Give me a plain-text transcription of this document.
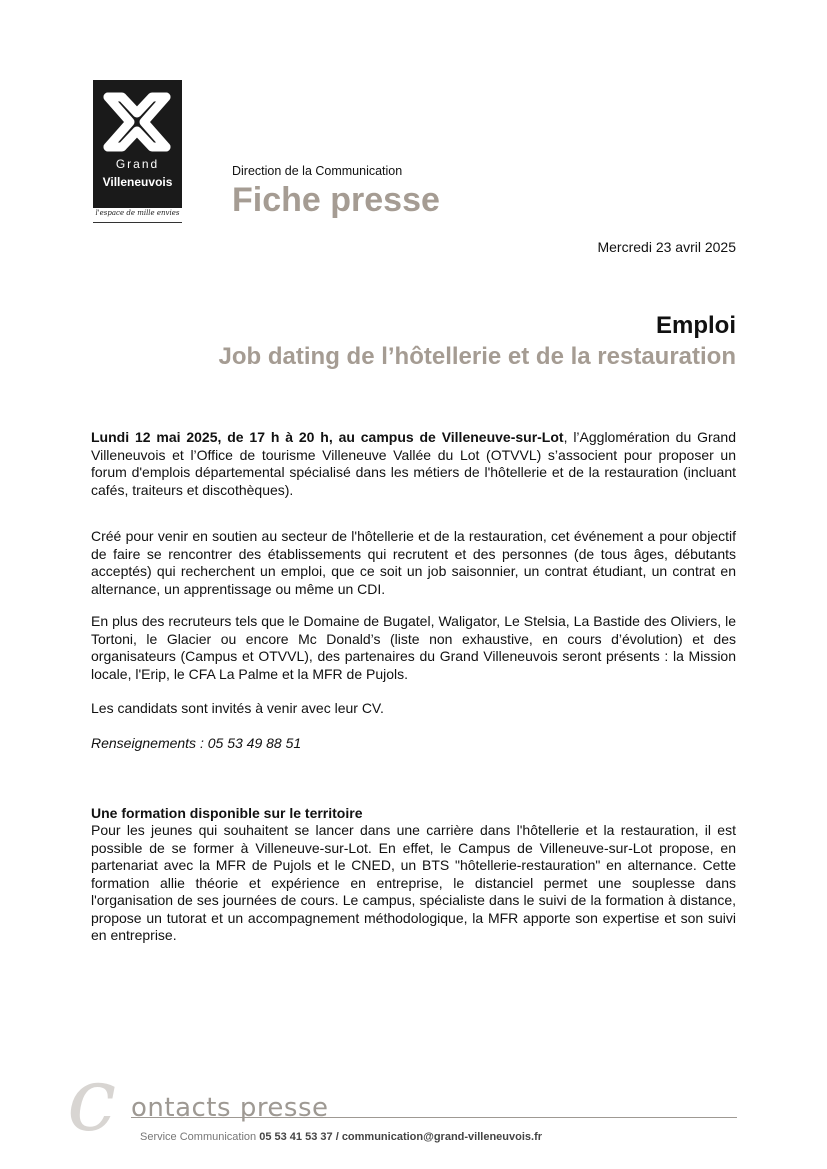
Grand
Villeneuvois
l'espace de mille envies
Direction de la Communication
Fiche presse
Mercredi 23 avril 2025
Emploi
Job dating de l’hôtellerie et de la restauration

Lundi 12 mai 2025, de 17 h à 20 h, au campus de Villeneuve-sur-Lot, l’Agglomération du Grand Villeneuvois et l’Office de tourisme Villeneuve Vallée du Lot (OTVVL) s’associent pour proposer un forum d'emplois départemental spécialisé dans les métiers de l'hôtellerie et de la restauration (incluant cafés, traiteurs et discothèques).

Créé pour venir en soutien au secteur de l'hôtellerie et de la restauration, cet événement a pour objectif de faire se rencontrer des établissements qui recrutent et des personnes (de tous âges, débutants acceptés) qui recherchent un emploi, que ce soit un job saisonnier, un contrat étudiant, un contrat en alternance, un apprentissage ou même un CDI.

En plus des recruteurs tels que le Domaine de Bugatel, Waligator, Le Stelsia, La Bastide des Oliviers, le Tortoni, le Glacier ou encore Mc Donald’s (liste non exhaustive, en cours d’évolution) et des organisateurs (Campus et OTVVL), des partenaires du Grand Villeneuvois seront présents : la Mission locale, l'Erip, le CFA La Palme et la MFR de Pujols.

Les candidats sont invités à venir avec leur CV.

Renseignements : 05 53 49 88 51

Une formation disponible sur le territoire

Pour les jeunes qui souhaitent se lancer dans une carrière dans l'hôtellerie et la restauration, il est possible de se former à Villeneuve-sur-Lot. En effet, le Campus de Villeneuve-sur-Lot propose, en partenariat avec la MFR de Pujols et le CNED, un BTS "hôtellerie-restauration" en alternance. Cette formation allie théorie et expérience en entreprise, le distanciel permet une souplesse dans l'organisation de ses journées de cours. Le campus, spécialiste dans le suivi de la formation à distance, propose un tutorat et un accompagnement méthodologique, la MFR apporte son expertise et son suivi en entreprise.

c ontacts presse
Service Communication 05 53 41 53 37 / communication@grand-villeneuvois.fr
